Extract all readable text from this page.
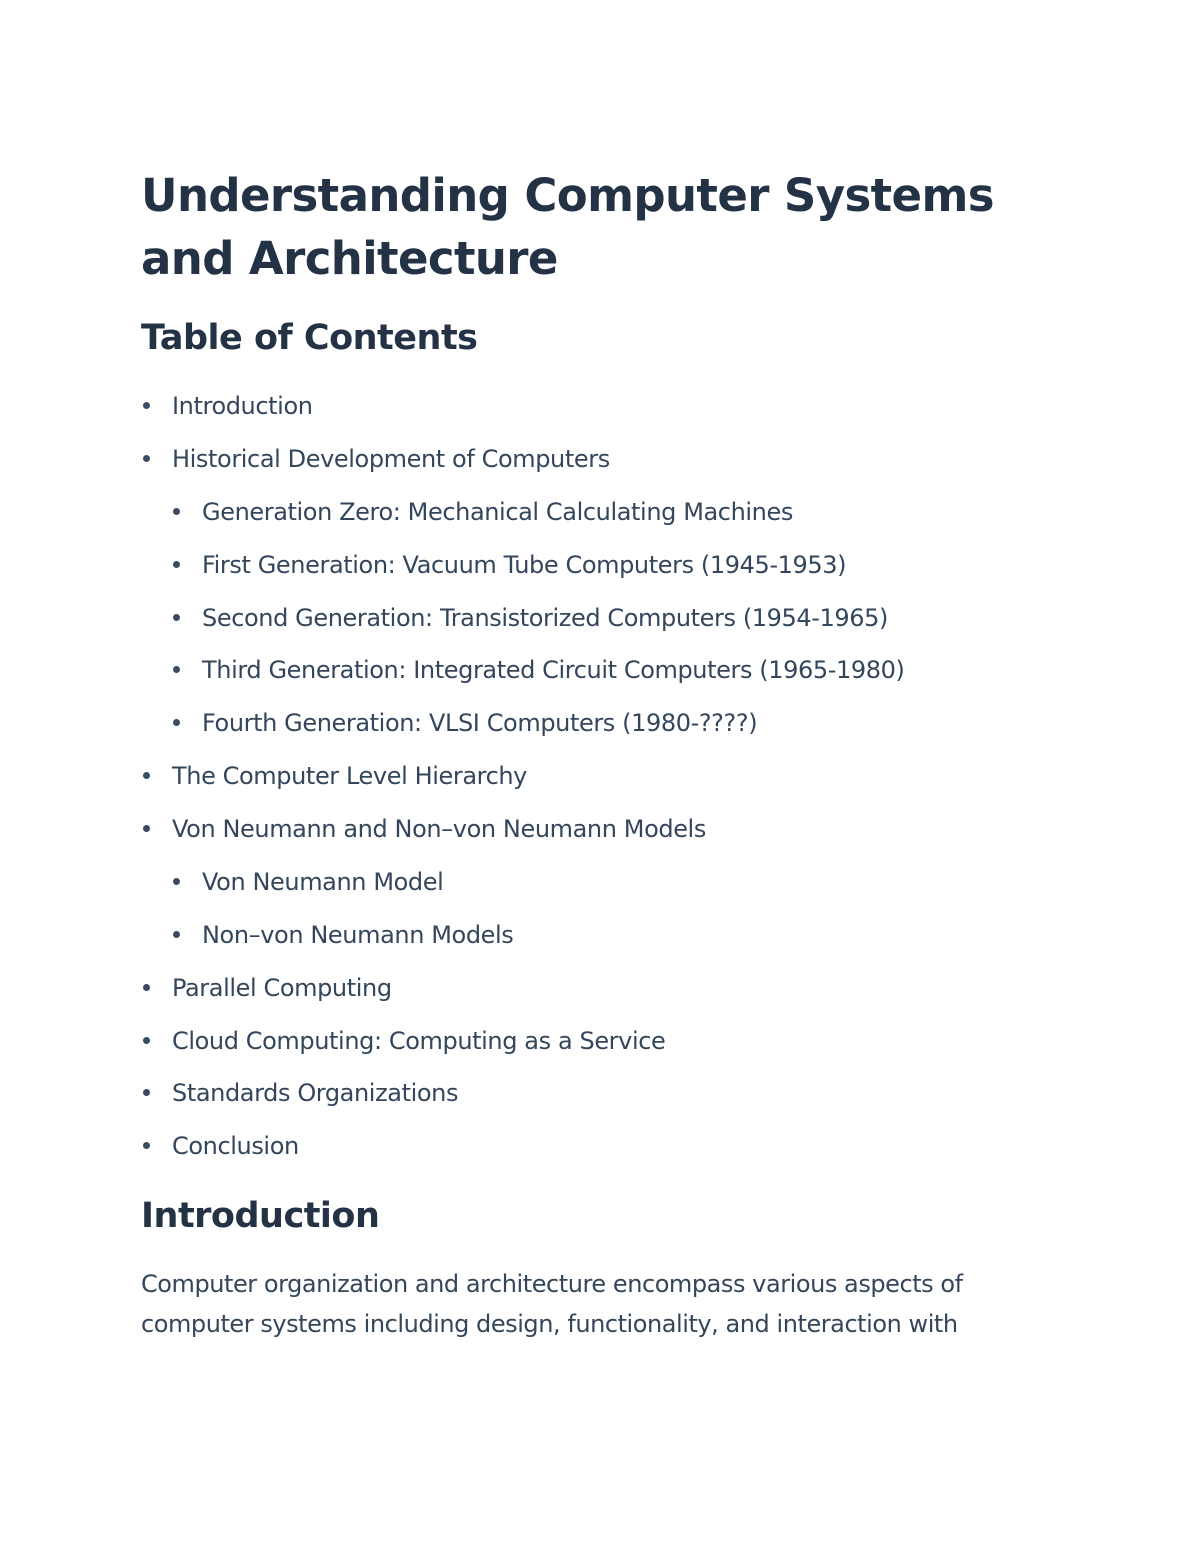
Understanding Computer Systems and Architecture
Table of Contents
Introduction
Historical Development of Computers
Generation Zero: Mechanical Calculating Machines
First Generation: Vacuum Tube Computers (1945-1953)
Second Generation: Transistorized Computers (1954-1965)
Third Generation: Integrated Circuit Computers (1965-1980)
Fourth Generation: VLSI Computers (1980-????)
The Computer Level Hierarchy
Von Neumann and Non–von Neumann Models
Von Neumann Model
Non–von Neumann Models
Parallel Computing
Cloud Computing: Computing as a Service
Standards Organizations
Conclusion
Introduction

Computer organization and architecture encompass various aspects of computer systems including design, functionality, and interaction with
